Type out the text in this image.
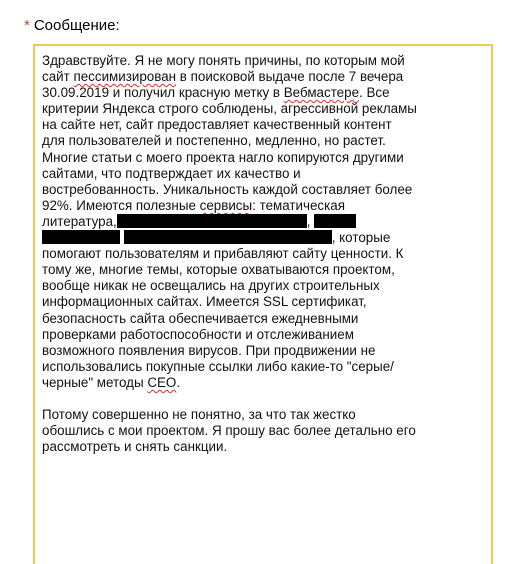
* Сообщение:
Здравствуйте. Я не могу понять причины, по которым мой
сайт пессимизирован в поисковой выдаче после 7 вечера
30.09.2019 и получил красную метку в Вебмастере. Все
критерии Яндекса строго соблюдены, агрессивной рекламы
на сайте нет, сайт предоставляет качественный контент
для пользователей и постепенно, медленно, но растет.
Многие статьи с моего проекта нагло копируются другими
сайтами, что подтверждает их качество и
востребованность. Уникальность каждой составляет более
92%. Имеются полезные сервисы: тематическая
литература,	,
, которые
помогают пользователям и прибавляют сайту ценности. К
тому же, многие темы, которые охватываются проектом,
вообще никак не освещались на других строительных
информационных сайтах. Имеется SSL сертификат,
безопасность сайта обеспечивается ежедневными
проверками работоспособности и отслеживанием
возможного появления вирусов. При продвижении не
использовались покупные ссылки либо какие-то "серые/
черные" методы СЕО.
Потому совершенно не понятно, за что так жестко
обошлись с мои проектом. Я прошу вас более детально его
рассмотреть и снять санкции.
